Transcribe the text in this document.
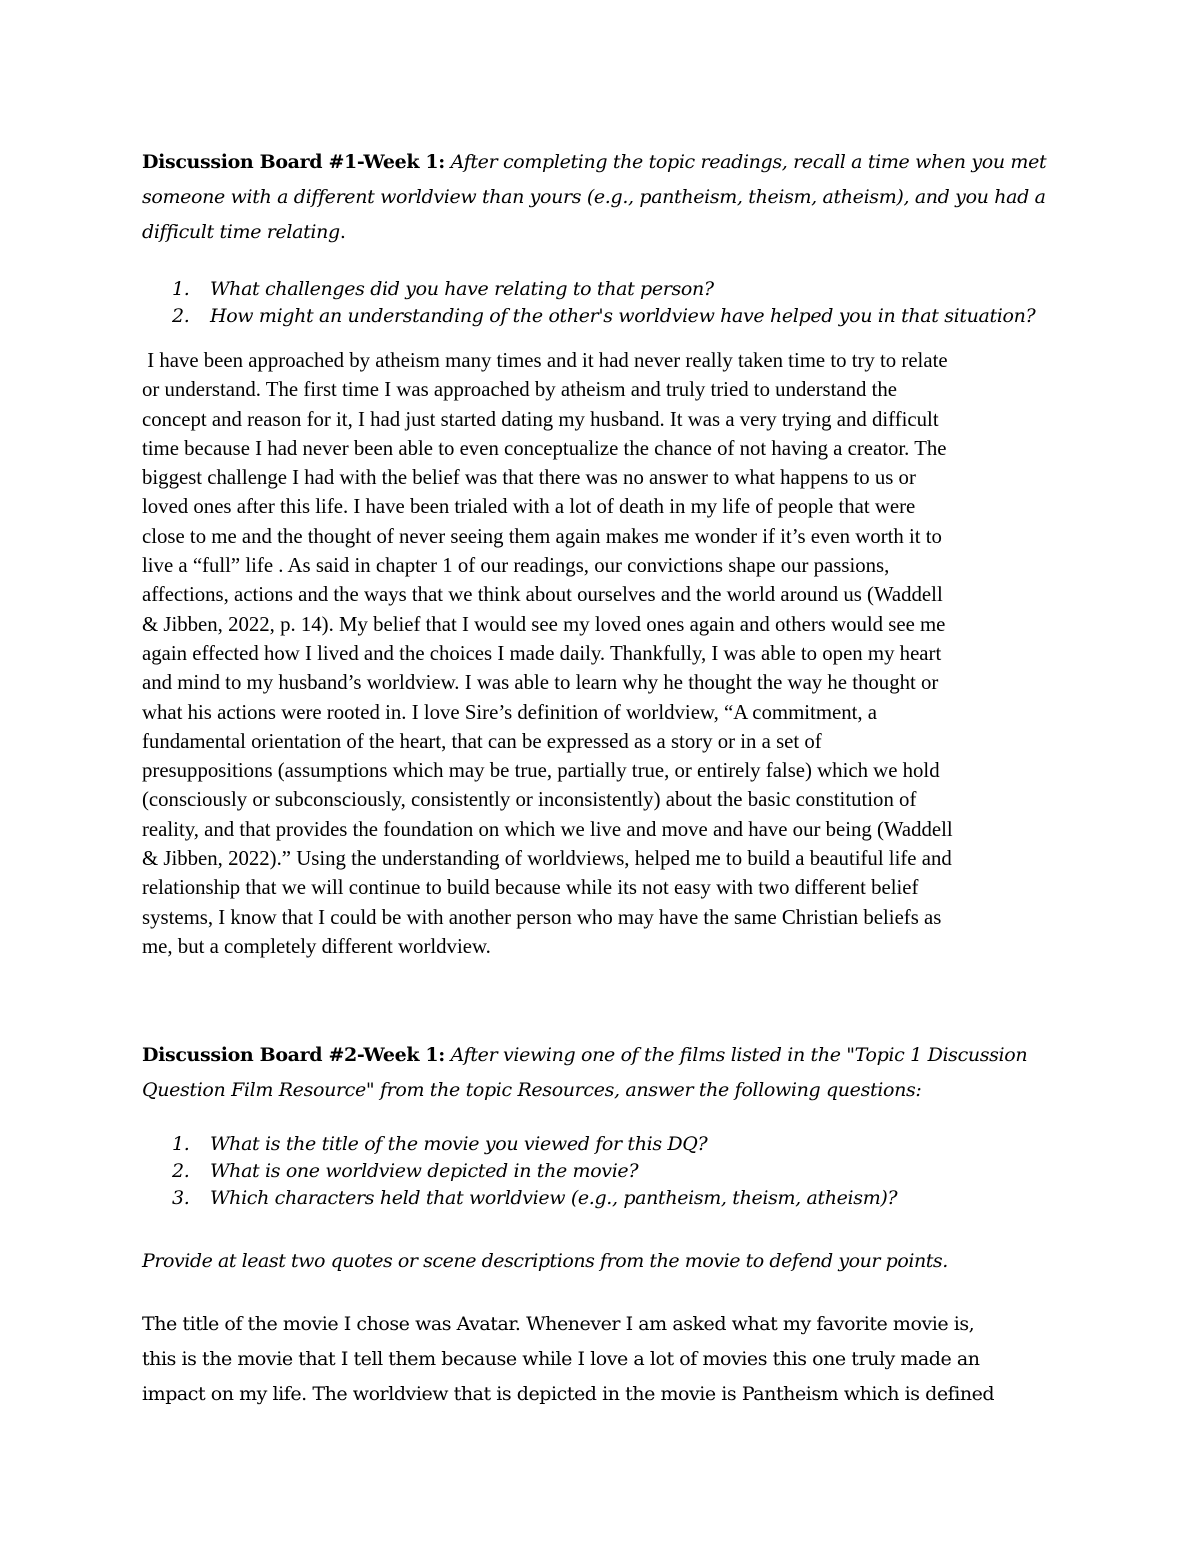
Discussion Board #1-Week 1: After completing the topic readings, recall a time when you met someone with a different worldview than yours (e.g., pantheism, theism, atheism), and you had a difficult time relating.
1.	What challenges did you have relating to that person?
2.	How might an understanding of the other's worldview have helped you in that situation?
I have been approached by atheism many times and it had never really taken time to try to relate
or understand. The first time I was approached by atheism and truly tried to understand the
concept and reason for it, I had just started dating my husband. It was a very trying and difficult
time because I had never been able to even conceptualize the chance of not having a creator. The
biggest challenge I had with the belief was that there was no answer to what happens to us or
loved ones after this life. I have been trialed with a lot of death in my life of people that were
close to me and the thought of never seeing them again makes me wonder if it’s even worth it to
live a “full” life . As said in chapter 1 of our readings, our convictions shape our passions,
affections, actions and the ways that we think about ourselves and the world around us (Waddell
& Jibben, 2022, p. 14). My belief that I would see my loved ones again and others would see me
again effected how I lived and the choices I made daily. Thankfully, I was able to open my heart
and mind to my husband’s worldview. I was able to learn why he thought the way he thought or
what his actions were rooted in. I love Sire’s definition of worldview, “A commitment, a
fundamental orientation of the heart, that can be expressed as a story or in a set of
presuppositions (assumptions which may be true, partially true, or entirely false) which we hold
(consciously or subconsciously, consistently or inconsistently) about the basic constitution of
reality, and that provides the foundation on which we live and move and have our being (Waddell
& Jibben, 2022).” Using the understanding of worldviews, helped me to build a beautiful life and
relationship that we will continue to build because while its not easy with two different belief
systems, I know that I could be with another person who may have the same Christian beliefs as
me, but a completely different worldview.
Discussion Board #2-Week 1: After viewing one of the films listed in the "Topic 1 Discussion Question Film Resource" from the topic Resources, answer the following questions:
1.	What is the title of the movie you viewed for this DQ?
2.	What is one worldview depicted in the movie?
3.	Which characters held that worldview (e.g., pantheism, theism, atheism)?
Provide at least two quotes or scene descriptions from the movie to defend your points.
The title of the movie I chose was Avatar. Whenever I am asked what my favorite movie is,
this is the movie that I tell them because while I love a lot of movies this one truly made an
impact on my life. The worldview that is depicted in the movie is Pantheism which is defined
